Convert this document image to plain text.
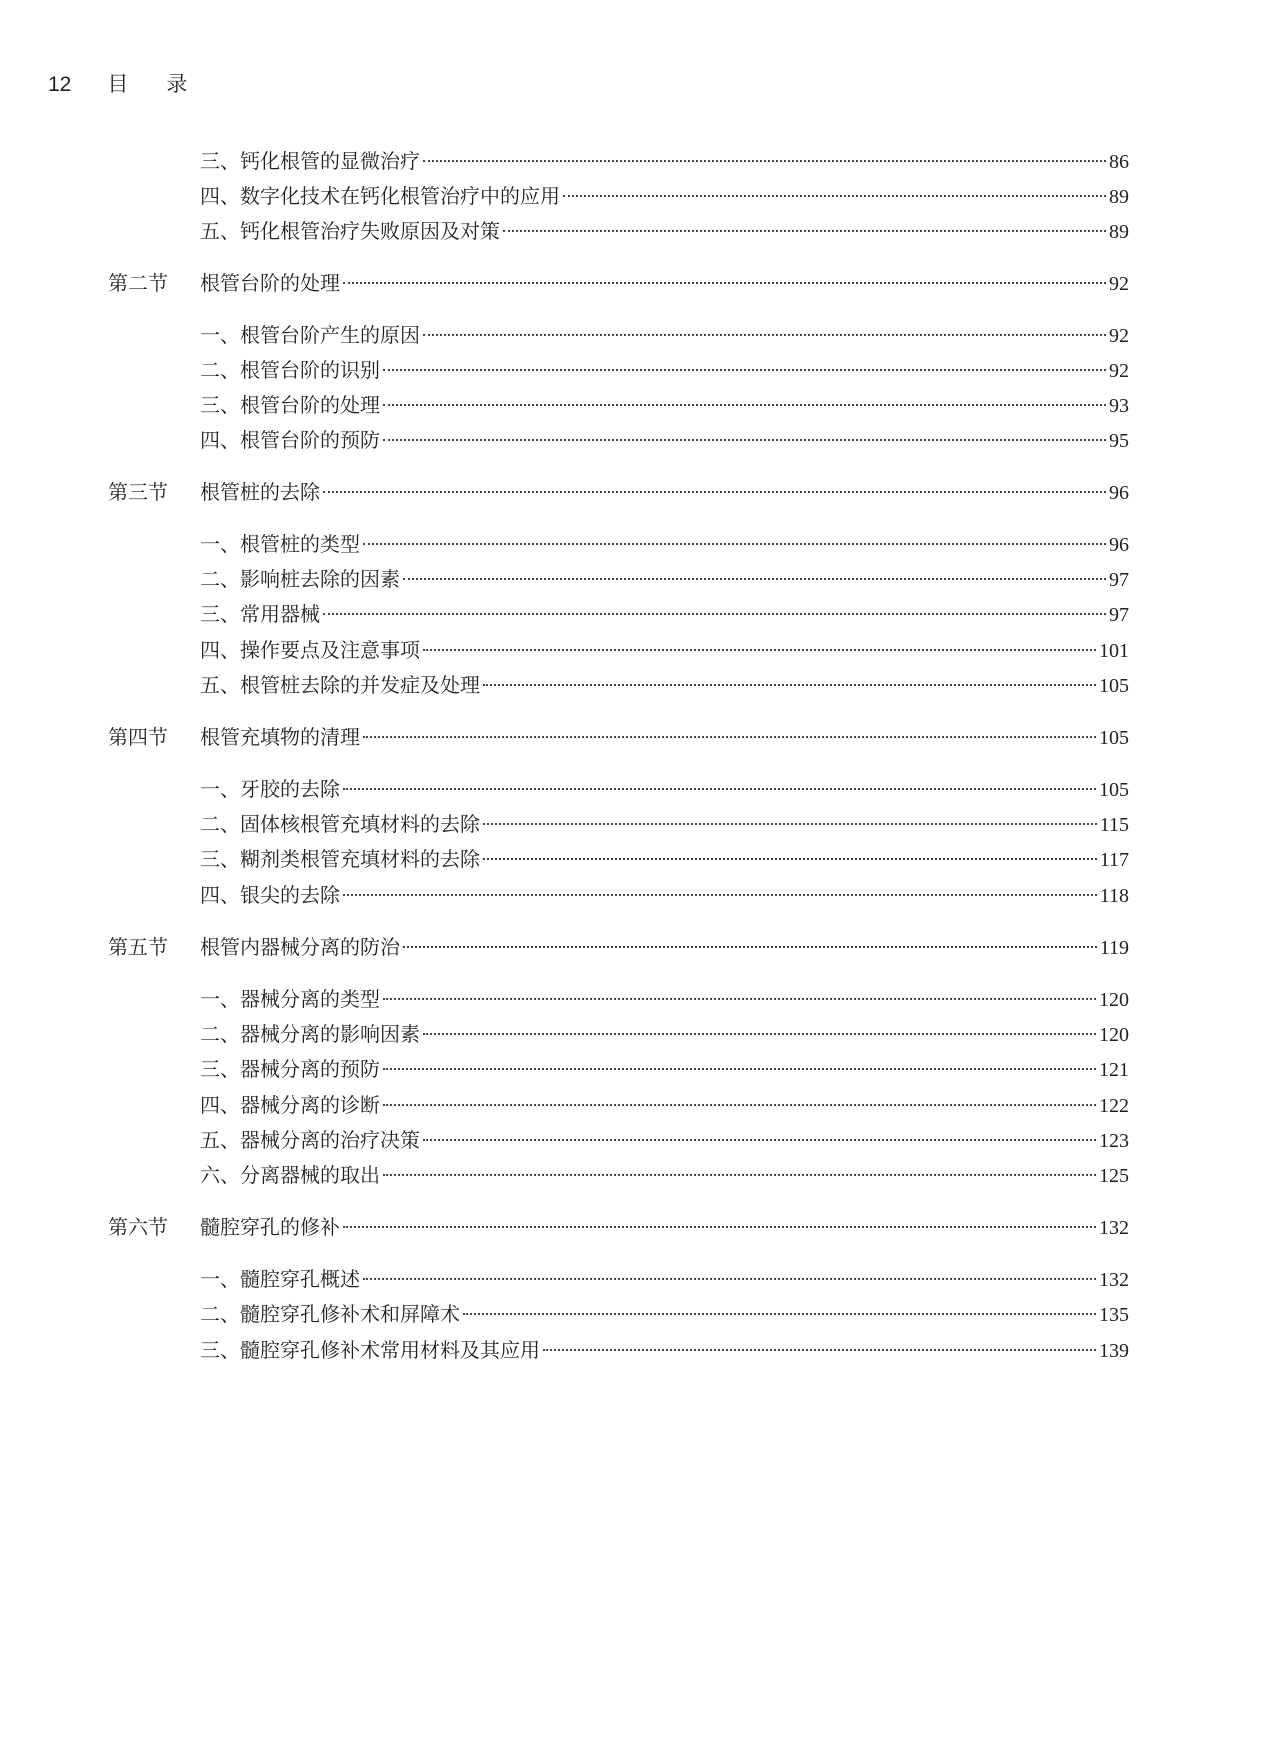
12 目 录
三、钙化根管的显微治疗	86
四、数字化技术在钙化根管治疗中的应用	89
五、钙化根管治疗失败原因及对策	89
第二节	根管台阶的处理	92
一、根管台阶产生的原因	92
二、根管台阶的识别	92
三、根管台阶的处理	93
四、根管台阶的预防	95
第三节	根管桩的去除	96
一、根管桩的类型	96
二、影响桩去除的因素	97
三、常用器械	97
四、操作要点及注意事项	101
五、根管桩去除的并发症及处理	105
第四节	根管充填物的清理	105
一、牙胶的去除	105
二、固体核根管充填材料的去除	115
三、糊剂类根管充填材料的去除	117
四、银尖的去除	118
第五节	根管内器械分离的防治	119
一、器械分离的类型	120
二、器械分离的影响因素	120
三、器械分离的预防	121
四、器械分离的诊断	122
五、器械分离的治疗决策	123
六、分离器械的取出	125
第六节	髓腔穿孔的修补	132
一、髓腔穿孔概述	132
二、髓腔穿孔修补术和屏障术	135
三、髓腔穿孔修补术常用材料及其应用	139
